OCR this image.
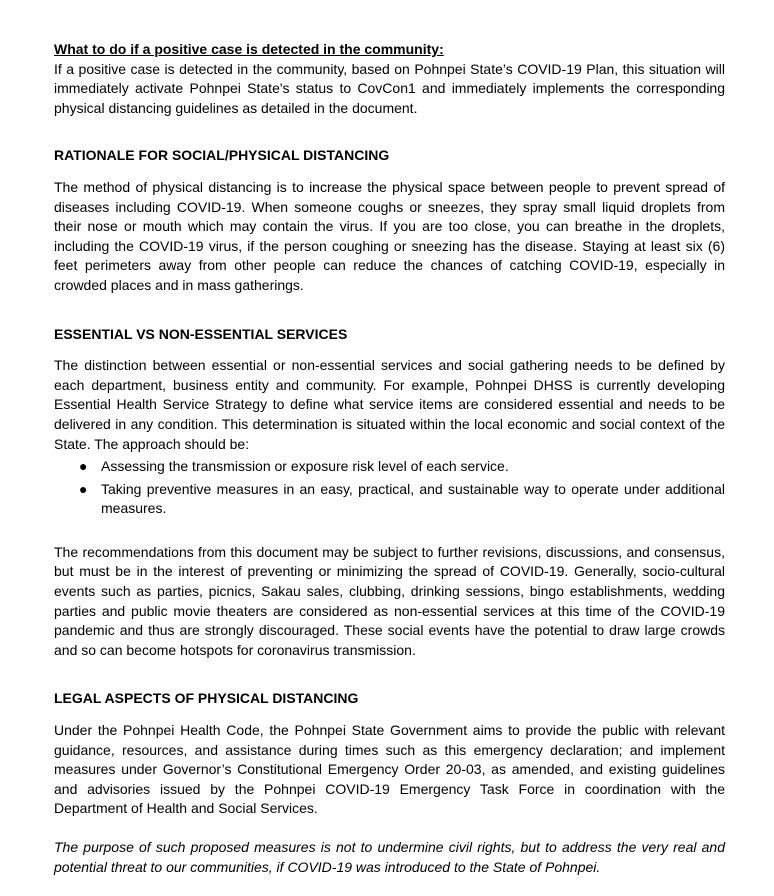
What to do if a positive case is detected in the community:

If a positive case is detected in the community, based on Pohnpei State’s COVID-19 Plan, this situation will immediately activate Pohnpei State's status to CovCon1 and immediately implements the corresponding physical distancing guidelines as detailed in the document.

RATIONALE FOR SOCIAL/PHYSICAL DISTANCING

The method of physical distancing is to increase the physical space between people to prevent spread of diseases including COVID-19. When someone coughs or sneezes, they spray small liquid droplets from their nose or mouth which may contain the virus. If you are too close, you can breathe in the droplets, including the COVID-19 virus, if the person coughing or sneezing has the disease. Staying at least six (6) feet perimeters away from other people can reduce the chances of catching COVID-19, especially in crowded places and in mass gatherings.

ESSENTIAL VS NON-ESSENTIAL SERVICES

The distinction between essential or non-essential services and social gathering needs to be defined by each department, business entity and community. For example, Pohnpei DHSS is currently developing Essential Health Service Strategy to define what service items are considered essential and needs to be delivered in any condition. This determination is situated within the local economic and social context of the State. The approach should be:

● Assessing the transmission or exposure risk level of each service.
● Taking preventive measures in an easy, practical, and sustainable way to operate under additional measures.

The recommendations from this document may be subject to further revisions, discussions, and consensus, but must be in the interest of preventing or minimizing the spread of COVID-19. Generally, socio-cultural events such as parties, picnics, Sakau sales, clubbing, drinking sessions, bingo establishments, wedding parties and public movie theaters are considered as non-essential services at this time of the COVID-19 pandemic and thus are strongly discouraged. These social events have the potential to draw large crowds and so can become hotspots for coronavirus transmission.

LEGAL ASPECTS OF PHYSICAL DISTANCING

Under the Pohnpei Health Code, the Pohnpei State Government aims to provide the public with relevant guidance, resources, and assistance during times such as this emergency declaration; and implement measures under Governor’s Constitutional Emergency Order 20-03, as amended, and existing guidelines and advisories issued by the Pohnpei COVID-19 Emergency Task Force in coordination with the Department of Health and Social Services.

The purpose of such proposed measures is not to undermine civil rights, but to address the very real and potential threat to our communities, if COVID-19 was introduced to the State of Pohnpei.
